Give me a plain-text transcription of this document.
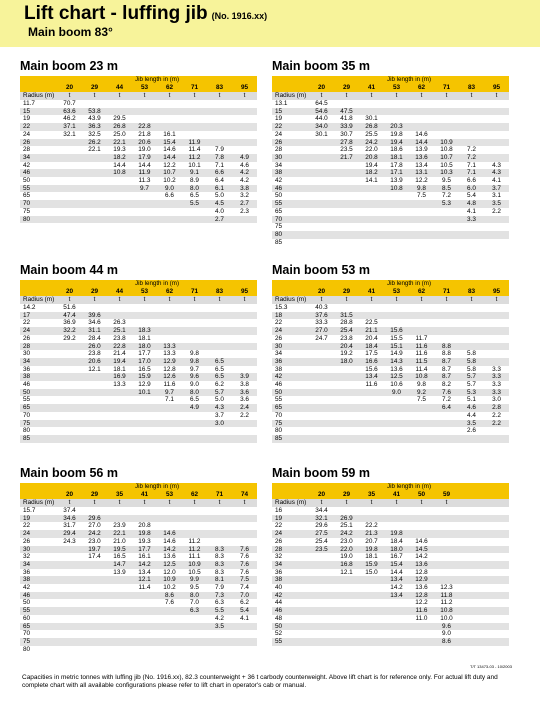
Lift chart - luffing jib (No. 1916.xx)
Main boom 83°
Main boom 23 m
	Jib length in (m)							
	20	29	44	53	62	71	83	95
Radius (m)	t	t	t	t	t	t	t	t
11.7	70.7							
15	63.6	53.8						
19	46.2	43.9	29.5					
22	37.1	36.3	26.8	22.8				
24	32.1	32.5	25.0	21.8	16.1			
26		26.2	22.1	20.6	15.4	11.9		
28		22.1	19.3	19.0	14.6	11.4	7.9	
34			18.2	17.9	14.4	11.2	7.8	4.9
42			14.4	14.4	12.2	10.1	7.1	4.6
46			10.8	11.9	10.7	9.1	6.6	4.2
50				11.3	10.2	8.9	6.4	4.2
55				9.7	9.0	8.0	6.1	3.8
65					6.6	6.5	5.0	3.2
70						5.5	4.5	2.7
75							4.0	2.3
80							2.7	
Main boom 35 m
	Jib length in (m)							
	20	29	41	53	62	71	83	95
Radius (m)	t	t	t	t	t	t	t	t
13.1	64.5							
15	54.6	47.5						
19	44.0	41.8	30.1					
22	34.0	33.9	26.8	20.3				
24	30.1	30.7	25.5	19.8	14.6			
26		27.8	24.2	19.4	14.4	10.9		
28		23.5	22.0	18.6	13.9	10.8	7.2	
30		21.7	20.8	18.1	13.6	10.7	7.2	
34			19.4	17.8	13.4	10.5	7.1	4.3
38			18.2	17.1	13.1	10.3	7.1	4.3
42			14.1	13.9	12.2	9.5	6.6	4.1
46				10.8	9.8	8.5	6.0	3.7
50					7.5	7.2	5.4	3.1
55						5.3	4.8	3.5
65							4.1	2.2
70							3.3	
75								
80								
85								
Main boom 44 m
	Jib length in (m)							
	20	29	44	53	62	71	83	95
Radius (m)	t	t	t	t	t	t	t	t
14.2	51.6							
17	47.4	39.6						
22	36.9	34.6	26.3					
24	32.2	31.1	25.1	18.3				
26	29.2	28.4	23.8	18.1				
28		26.0	22.8	18.0	13.3			
30		23.8	21.4	17.7	13.3	9.8		
34		20.6	19.4	17.0	12.9	9.8	6.5	
36		12.1	18.1	16.5	12.8	9.7	6.5	
38			16.9	15.9	12.6	9.6	6.5	3.9
46			13.3	12.9	11.6	9.0	6.2	3.8
50				10.1	9.7	8.0	5.7	3.6
55					7.1	6.5	5.0	3.6
65						4.9	4.3	2.4
70							3.7	2.2
75							3.0	
80								
85								
Main boom 53 m
	Jib length in (m)							
	20	29	41	53	62	71	83	95
Radius (m)	t	t	t	t	t	t	t	t
15.3	40.3							
18	37.6	31.5						
22	33.3	28.8	22.5					
24	27.0	25.4	21.1	15.6				
26	24.7	23.8	20.4	15.5	11.7			
30		20.4	18.4	15.1	11.6	8.8		
34		19.2	17.5	14.9	11.6	8.8	5.8	
36		18.0	16.6	14.3	11.5	8.7	5.8	
38			15.6	13.6	11.4	8.7	5.8	3.3
42			13.4	12.5	10.8	8.7	5.7	3.3
46			11.6	10.6	9.8	8.2	5.7	3.3
50				9.0	9.2	7.6	5.3	3.3
55					7.5	7.2	5.1	3.0
65						6.4	4.6	2.8
70							4.4	2.2
75							3.5	2.2
80							2.6	
85								
Main boom 56 m
	Jib length in (m)							
	20	29	35	41	53	62	71	74
Radius (m)	t	t	t	t	t	t	t	t
15.7	37.4							
19	34.6	29.6						
22	31.7	27.0	23.9	20.8				
24	29.4	24.2	22.1	19.8	14.6			
26	24.3	23.0	21.0	19.3	14.6	11.2		
30		19.7	19.5	17.7	14.2	11.2	8.3	7.6
32		17.4	16.5	16.1	13.6	11.1	8.3	7.6
34			14.7	14.2	12.5	10.9	8.3	7.6
36			13.9	13.4	12.0	10.5	8.3	7.6
38				12.1	10.9	9.9	8.1	7.5
42				11.4	10.2	9.5	7.9	7.4
46					8.6	8.0	7.3	7.0
50					7.6	7.0	6.3	6.2
55						6.3	5.5	5.4
60							4.2	4.1
65							3.5	
70								
75								
80								
Main boom 59 m
	Jib length in (m)							
	20	29	35	41	50	59		
Radius (m)	t	t	t	t	t	t		
16	34.4							
19	32.1	26.9						
22	29.6	25.1	22.2					
24	27.5	24.2	21.3	19.8				
26	25.4	23.0	20.7	18.4	14.6			
28	23.5	22.0	19.8	18.0	14.5			
32		19.0	18.1	16.7	14.2			
34		16.8	15.9	15.4	13.6			
36		12.1	15.0	14.4	12.8			
38				13.4	12.9			
40				14.2	13.6	12.3		
42				13.4	12.8	11.8		
44					12.2	11.2		
46					11.6	10.8		
48					11.0	10.0		
50						9.6		
52						9.0		
55						8.6		
T/T 13473-03 - 10/2003
Capacities in metric tonnes with luffing jib (No. 1916.xx), 82.3 counterweight + 36 t carbody counterweight. Above lift chart is for reference only. For actual lift duty and complete chart with all available configurations please refer to lift chart in operator's cab or manual.
